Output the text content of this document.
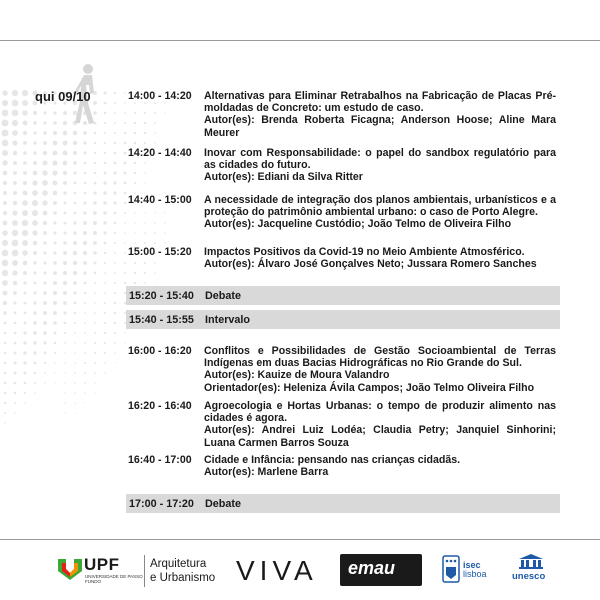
qui 09/10	14:00 - 14:20 Alternativas para Eliminar Retrabalhos na Fabricação de Placas Pré-moldadas de Concreto: um estudo de caso.
Autor(es): Brenda Roberta Ficagna; Anderson Hoose; Aline Mara Meurer
14:20 - 14:40 Inovar com Responsabilidade: o papel do sandbox regulatório para as cidades do futuro.
Autor(es): Ediani da Silva Ritter
14:40 - 15:00 A necessidade de integração dos planos ambientais, urbanísticos e a proteção do patrimônio ambiental urbano: o caso de Porto Alegre.
Autor(es): Jacqueline Custódio; João Telmo de Oliveira Filho
15:00 - 15:20 Impactos Positivos da Covid-19 no Meio Ambiente Atmosférico.
Autor(es): Álvaro José Gonçalves Neto; Jussara Romero Sanches
15:20 - 15:40 Debate
15:40 - 15:55 Intervalo
16:00 - 16:20 Conflitos e Possibilidades de Gestão Socioambiental de Terras Indígenas em duas Bacias Hidrográficas no Rio Grande do Sul.
Autor(es): Kauize de Moura Valandro
Orientador(es): Heleniza Ávila Campos; João Telmo Oliveira Filho
16:20 - 16:40 Agroecologia e Hortas Urbanas: o tempo de produzir alimento nas cidades é agora.
Autor(es): Andrei Luiz Lodéa; Claudia Petry; Janquiel Sinhorini; Luana Carmen Barros Souza
16:40 - 17:00 Cidade e Infância: pensando nas crianças cidadãs.
Autor(es): Marlene Barra
17:00 - 17:20 Debate
UPF
UNIVERSIDADE DE PASSO FUNDO
Arquitetura
e Urbanismo VIVA emau	isec
lisboa	unesco
